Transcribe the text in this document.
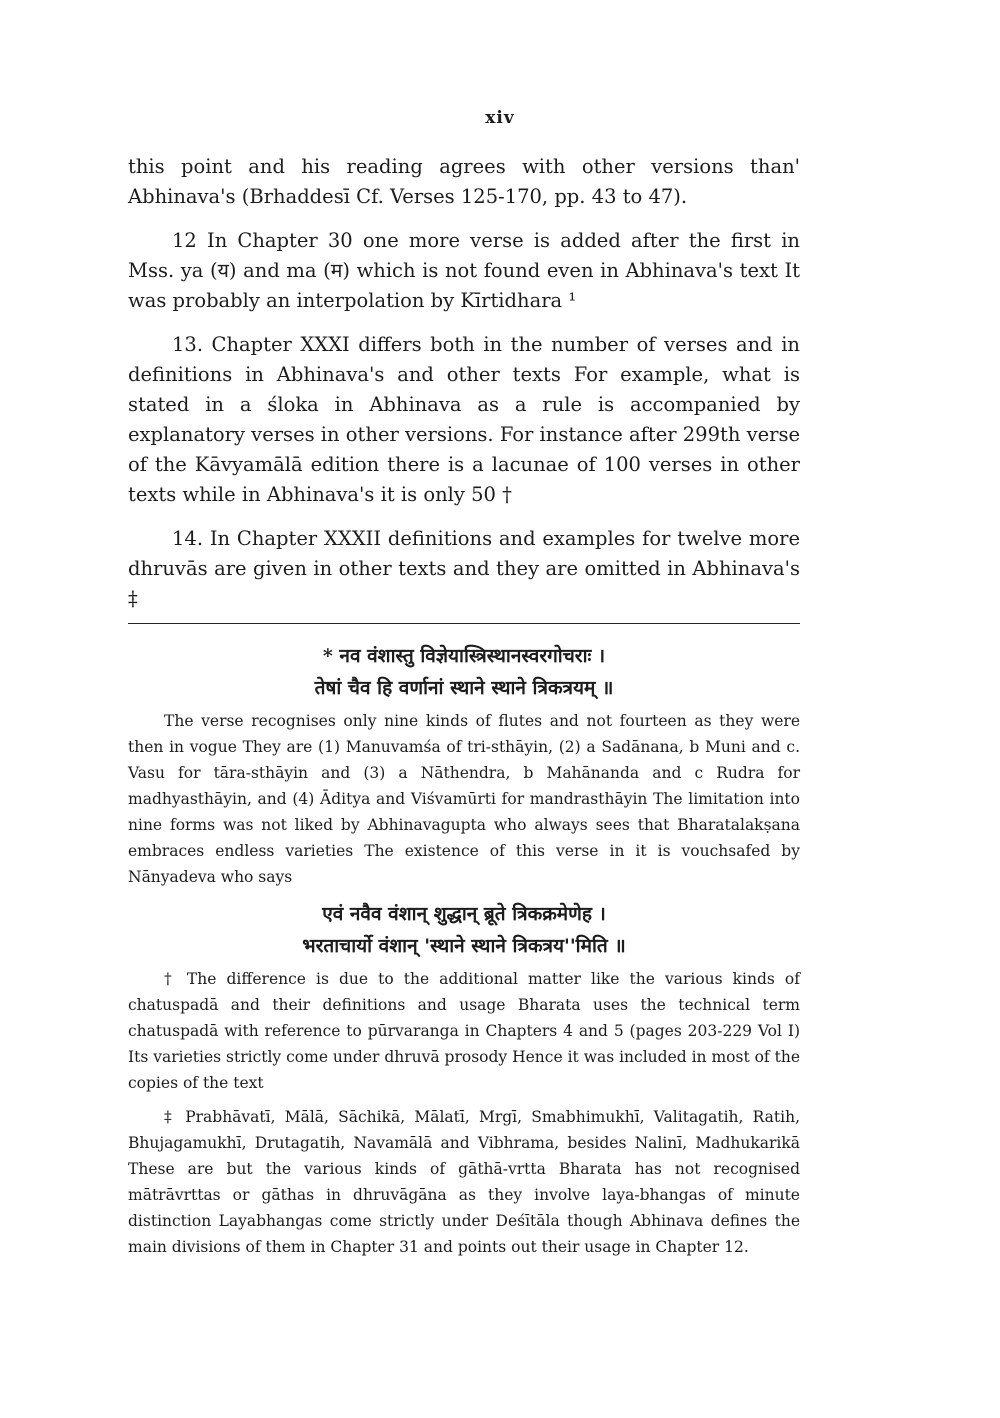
xiv

this point and his reading agrees with other versions than' Abhinava's (Brhaddesī Cf. Verses 125-170, pp. 43 to 47).

12 In Chapter 30 one more verse is added after the first in Mss. ya (य) and ma (म) which is not found even in Abhinava's text It was probably an interpolation by Kīrtidhara ¹

13. Chapter XXXI differs both in the number of verses and in definitions in Abhinava's and other texts For example, what is stated in a śloka in Abhinava as a rule is accompanied by explanatory verses in other versions. For instance after 299th verse of the Kāvyamālā edition there is a lacunae of 100 verses in other texts while in Abhinava's it is only 50 †

14. In Chapter XXXII definitions and examples for twelve more dhruvās are given in other texts and they are omitted in Abhinava's ‡

* नव वंशास्तु विज्ञेयास्त्रिस्थानस्वरगोचराः ।

तेषां चैव हि वर्णानां स्थाने स्थाने त्रिकत्रयम् ॥

The verse recognises only nine kinds of flutes and not fourteen as they were then in vogue They are (1) Manuvamśa of tri-sthāyin, (2) a Sadānana, b Muni and c. Vasu for tāra-sthāyin and (3) a Nāthendra, b Mahānanda and c Rudra for madhyasthāyin, and (4) Āditya and Viśvamūrti for mandrasthāyin The limitation into nine forms was not liked by Abhinavagupta who always sees that Bharatalakṣana embraces endless varieties The existence of this verse in it is vouchsafed by Nānyadeva who says

एवं नवैव वंशान् शुद्धान् ब्रूते त्रिकक्रमेणेह ।

भरताचार्यो वंशान् 'स्थाने स्थाने त्रिकत्रय''मिति ॥

† The difference is due to the additional matter like the various kinds of chatuspadā and their definitions and usage Bharata uses the technical term chatuspadā with reference to pūrvaranga in Chapters 4 and 5 (pages 203-229 Vol I) Its varieties strictly come under dhruvā prosody Hence it was included in most of the copies of the text

‡ Prabhāvatī, Mālā, Sāchikā, Mālatī, Mrgī, Smabhimukhī, Valitagatih, Ratih, Bhujagamukhī, Drutagatih, Navamālā and Vibhrama, besides Nalinī, Madhukarikā These are but the various kinds of gāthā-vrtta Bharata has not recognised mātrāvrttas or gāthas in dhruvāgāna as they involve laya-bhangas of minute distinction Layabhangas come strictly under Deśītāla though Abhinava defines the main divisions of them in Chapter 31 and points out their usage in Chapter 12.
